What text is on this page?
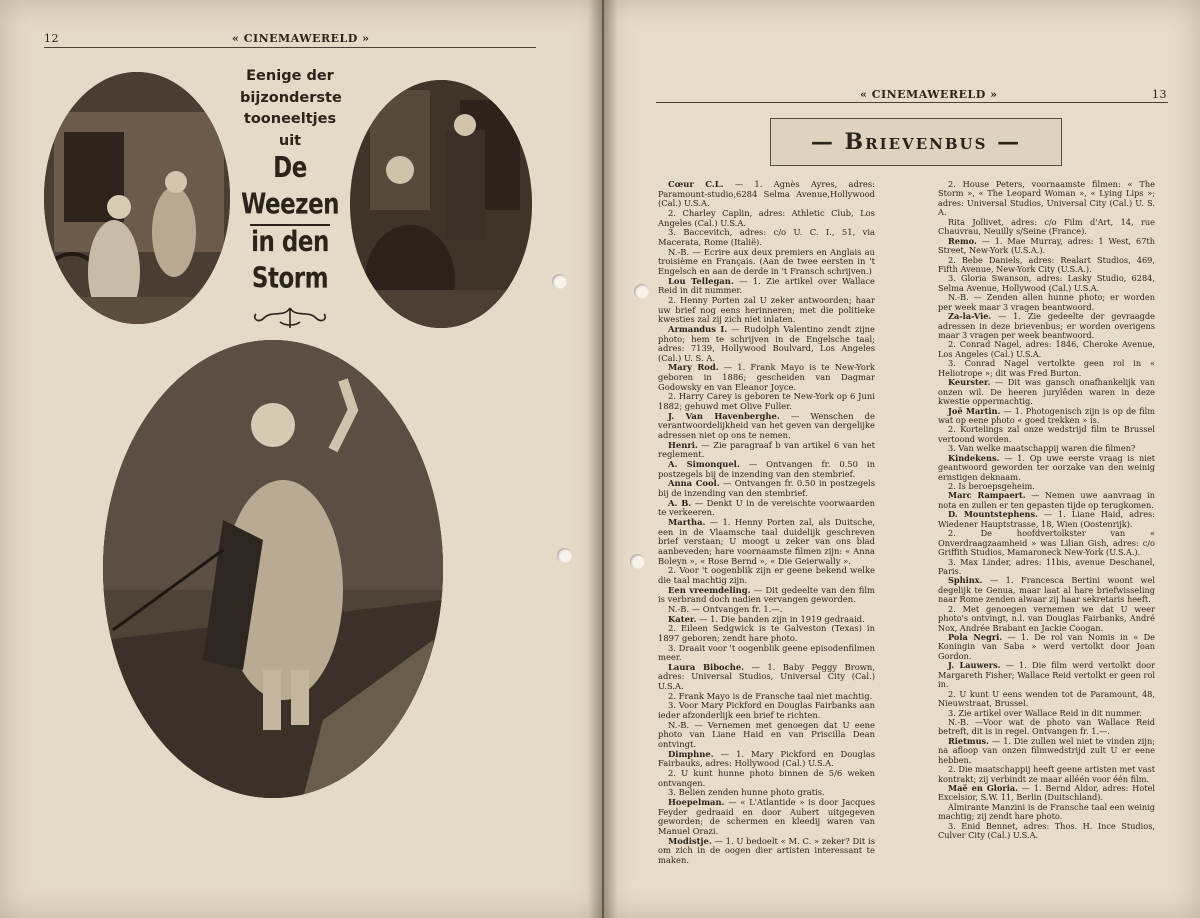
12	« CINEMAWERELD »
Eenige der
bijzonderste
tooneeltjes
uit
De Weezen
in den Storm
« CINEMAWERELD »	13
— Brievenbus —

Cœur C.L. — 1. Agnès Ayres, adres: Paramount-studio,6284 Selma Avenue,Hollywood (Cal.) U.S.A.

2. Charley Caplin, adres: Athletic Club, Los Angeles (Cal.) U.S.A.

3. Baccevitch, adres: c/o U. C. I., 51, via Macerata, Rome (Italië).

N.-B. — Ecrire aux deux premiers en Anglais au troisième en Français. (Aan de twee eersten in 't Engelsch en aan de derde in 't Fransch schrijven.)

Lou Tellegan. — 1. Zie artikel over Wallace Reid in dit nummer.

2. Henny Porten zal U zeker antwoorden; haar uw brief nog eens herinneren; met die politieke kwesties zal zij zich niet inlaten.

Armandus I. — Rudolph Valentino zendt zijne photo; hem te schrijven in de Engelsche taal; adres: 7139, Hollywood Boulvard, Los Angeles (Cal.) U. S. A.

Mary Rod. — 1. Frank Mayo is te New-York geboren in 1886; gescheiden van Dagmar Godowsky en van Eleanor Joyce.

2. Harry Carey is geboren te New-York op 6 Juni 1882; gehuwd met Olive Fuller.

J. Van Havenberghe. — Wenschen de verantwoordelijkheid van het geven van dergelijke adressen niet op ons te nemen.

Henri. — Zie paragraaf b van artikel 6 van het reglement.

A. Simonquel. — Ontvangen fr. 0.50 in postzegels bij de inzending van den stembrief.

Anna Cool. — Ontvangen fr. 0.50 in postzegels bij de inzending van den stembrief.

A. B. — Denkt U in de vereischte voorwaarden te verkeeren.

Martha. — 1. Henny Porten zal, als Duitsche, een in de Vlaamsche taal duidelijk geschreven brief verstaan; U moogt u zeker van ons blad aanbeveden; hare voornaamste filmen zijn: « Anna Boleyn », « Rose Bernd », « Die Geierwally ».

2. Voor 't oogenblik zijn er geene bekend welke die taal machtig zijn.

Een vreemdeling. — Dit gedeelte van den film is verbrand doch nadien vervangen geworden.

N.-B. — Ontvangen fr. 1.—.

Kater. — 1. Die banden zijn in 1919 gedraaid.

2. Eileen Sedgwick is te Galveston (Texas) in 1897 geboren; zendt hare photo.

3. Draait voor 't oogenblik geene episodenfilmen meer.

Laura Biboche. — 1. Baby Peggy Brown, adres: Universal Studios, Universal City (Cal.) U.S.A.

2. Frank Mayo is de Fransche taal niet machtig.

3. Voor Mary Pickford en Douglas Fairbanks aan ieder afzonderlijk een brief te richten.

N.-B. — Vernemen met genoegen dat U eene photo van Liane Haid en van Priscilla Dean ontvingt.

Dimphne. — 1. Mary Pickford en Douglas Fairbauks, adres: Hollywood (Cal.) U.S.A.

2. U kunt hunne photo binnen de 5/6 weken ontvangen.

3. Belien zenden hunne photo gratis.

Hoepelman. — « L'Atlantide » is door Jacques Feyder gedraaid en door Aubert uitgegeven geworden; de schermen en kleedij waren van Manuel Orazi.

Modistje. — 1. U bedoelt « M. C. » zeker? Dit is om zich in de oogen dier artisten interessant te maken.

2. House Peters, voornaamste filmen: « The Storm », « The Leopard Woman », « Lying Lips »; adres: Universal Studios, Universal City (Cal.) U. S. A.

Rita Jollivet, adres: c/o Film d'Art, 14, rue Chauvrau, Neuilly s/Seine (France).

Remo. — 1. Mae Murray, adres: 1 West, 67th Street, New-York (U.S.A.).

2. Bebe Daniels, adres: Realart Studios, 469, Fifth Avenue, New-York City (U.S.A.).

3. Gloria Swanson, adres: Lasky Studio, 6284, Selma Avenue, Hollywood (Cal.) U.S.A.

N.-B. — Zenden allen hunne photo; er worden per week maar 3 vragen beantwoord.

Za-la-Vie. — 1. Zie gedeelte der gevraagde adressen in deze brievenbus; er worden overigens maar 3 vragen per week beantwoord.

2. Conrad Nagel, adres: 1846, Cheroke Avenue, Los Angeles (Cal.) U.S.A.

3. Conrad Nagel vertolkte geen rol in « Heliotrope »; dit was Fred Burton.

Keurster. — Dit was gansch onafhankelijk van onzen wil. De heeren jurylêden waren in deze kwestie oppermachtig.

Joë Martin. — 1. Photogenisch zijn is op de film wat op eene photo « goed trekken » is.

2. Kortelings zal onze wedstrijd film te Brussel vertoond worden.

3. Van welke maatschappij waren die filmen?

Kindekens. — 1. Op uwe eerste vraag is niet geantwoord geworden ter oorzake van den weinig ernstigen deknaam.

2. Is beroepsgeheim.

Marc Rampaert. — Nemen uwe aanvraag in nota en zullen er ten gepasten tijde op terugkomen.

D. Mountstephens. — 1. Liane Haid, adres: Wiedener Hauptstrasse, 18, Wien (Oostenrijk).

2. De hoofdvertolkster van « Onverdraagzaamheid » was Lilian Gish, adres: c/o Griffith Studios, Mamaroneck New-York (U.S.A.).

3. Max Linder, adres: 11bis, avenue Deschanel, Paris.

Sphinx. — 1. Francesca Bertini woont wel degelijk te Genua, maar laat al hare briefwisseling naar Rome zenden alwaar zij haar sekretaris heeft.

2. Met genoegen vernemen we dat U weer photo's ontvingt, n.l. van Douglas Fairbanks, André Nox, Andrée Brabant en Jackie Coogan.

Pola Negri. — 1. De rol van Nomis in « De Koningin van Saba » werd vertolkt door Joan Gordon.

J. Lauwers. — 1. Die film werd vertolkt door Margareth Fisher; Wallace Reid vertolkt er geen rol in.

2. U kunt U eens wenden tot de Paramount, 48, Nieuwstraat, Brussel.

3. Zie artikel over Wallace Reid in dit nummer.

N.-B. —Voor wat de photo van Wallace Reid betreft, dit is in regel. Ontvangen fr. 1.—.

Rietmus. — 1. Die zullen wel niet te vinden zijn; na afloop van onzen filmwedstrijd zult U er eene hebben.

2. Die maatschappij heeft geene artisten met vast kontrakt; zij verbindt ze maar alléén voor één film.

Maë en Gloria. — 1. Bernd Aldor, adres: Hotel Excelsior, S.W. 11, Berlin (Duitschland).

Almirante Manzini is de Fransche taal een weinig machtig; zij zendt hare photo.

3. Enid Bennet, adres: Thos. H. Ince Studios, Culver City (Cal.) U.S.A.
